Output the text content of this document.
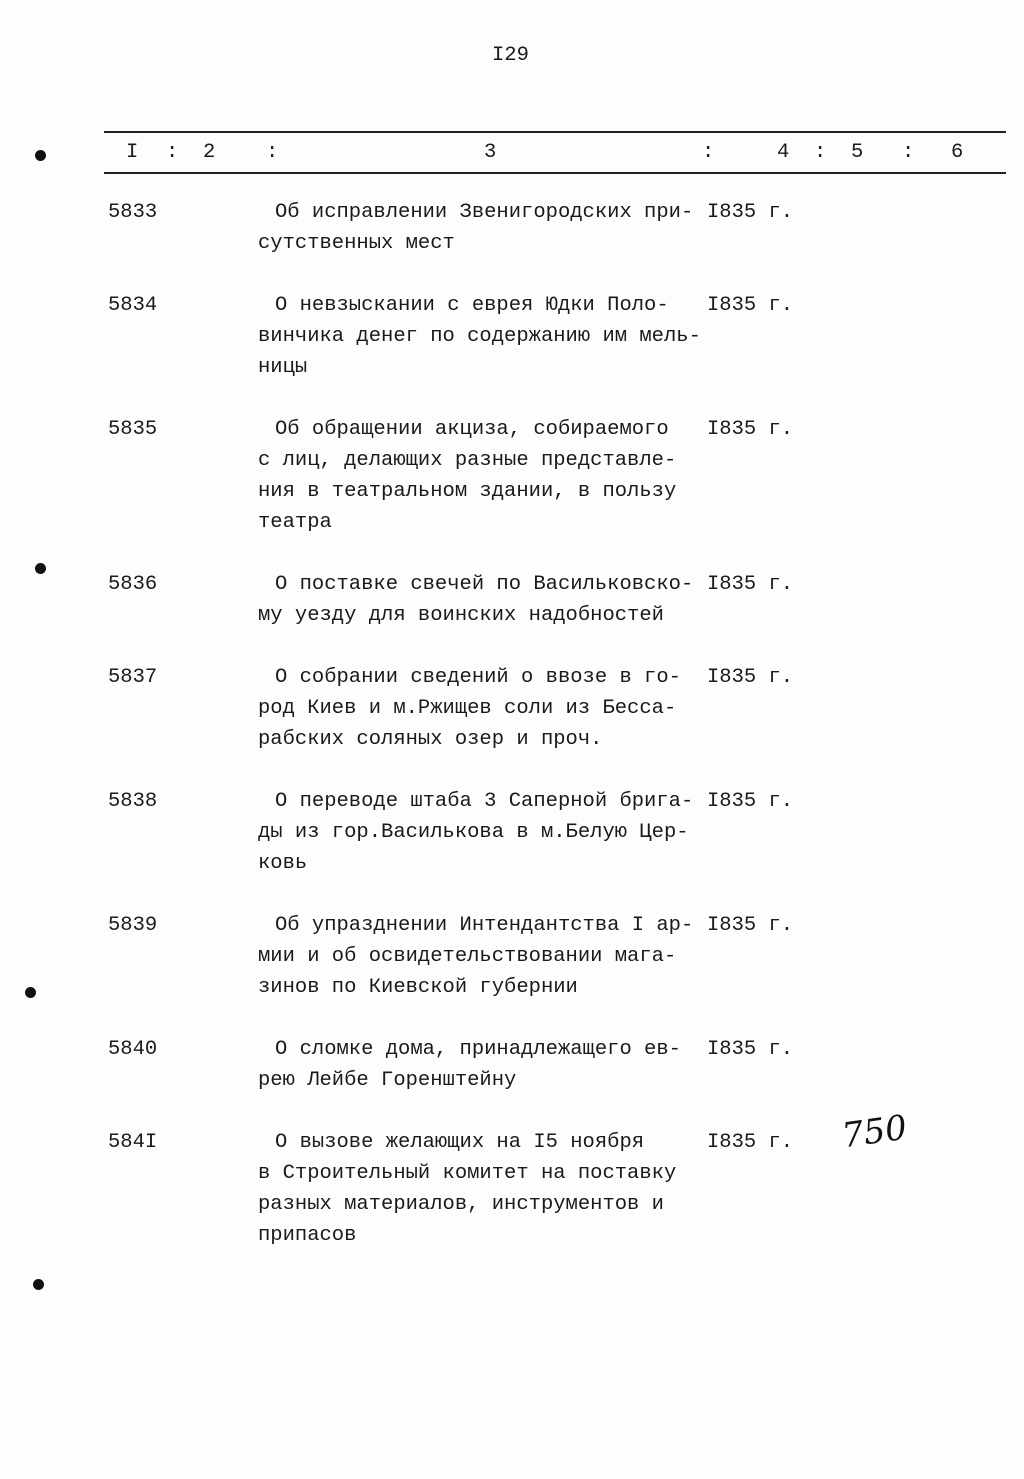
I29
I : 2 :	3	:	4 : 5 : 6
5833	Об исправлении Звенигородских при-
сутственных мест
I835 г.
5834	О невзыскании с еврея Юдки Поло-
винчика денег по содержанию им мель-
ницы
I835 г.
5835	Об обращении акциза, собираемого
с лиц, делающих разные представле-
ния в театральном здании, в пользу
театра
I835 г.
5836	О поставке свечей по Васильковско-
му уезду для воинских надобностей
I835 г.
5837	О собрании сведений о ввозе в го-
род Киев и м.Ржищев соли из Бесса-
рабских соляных озер и проч.
I835 г.
5838	О переводе штаба 3 Саперной брига-
ды из гор.Василькова в м.Белую Цер-
ковь
I835 г.
5839	Об упразднении Интендантства I ар-
мии и об освидетельствовании мага-
зинов по Киевской губернии
I835 г.
5840	О сломке дома, принадлежащего ев-
рею Лейбе Горенштейну
I835 г.
584I	О вызове желающих на I5 ноября
в Строительный комитет на поставку
разных материалов, инструментов и
припасов
I835 г. 750
